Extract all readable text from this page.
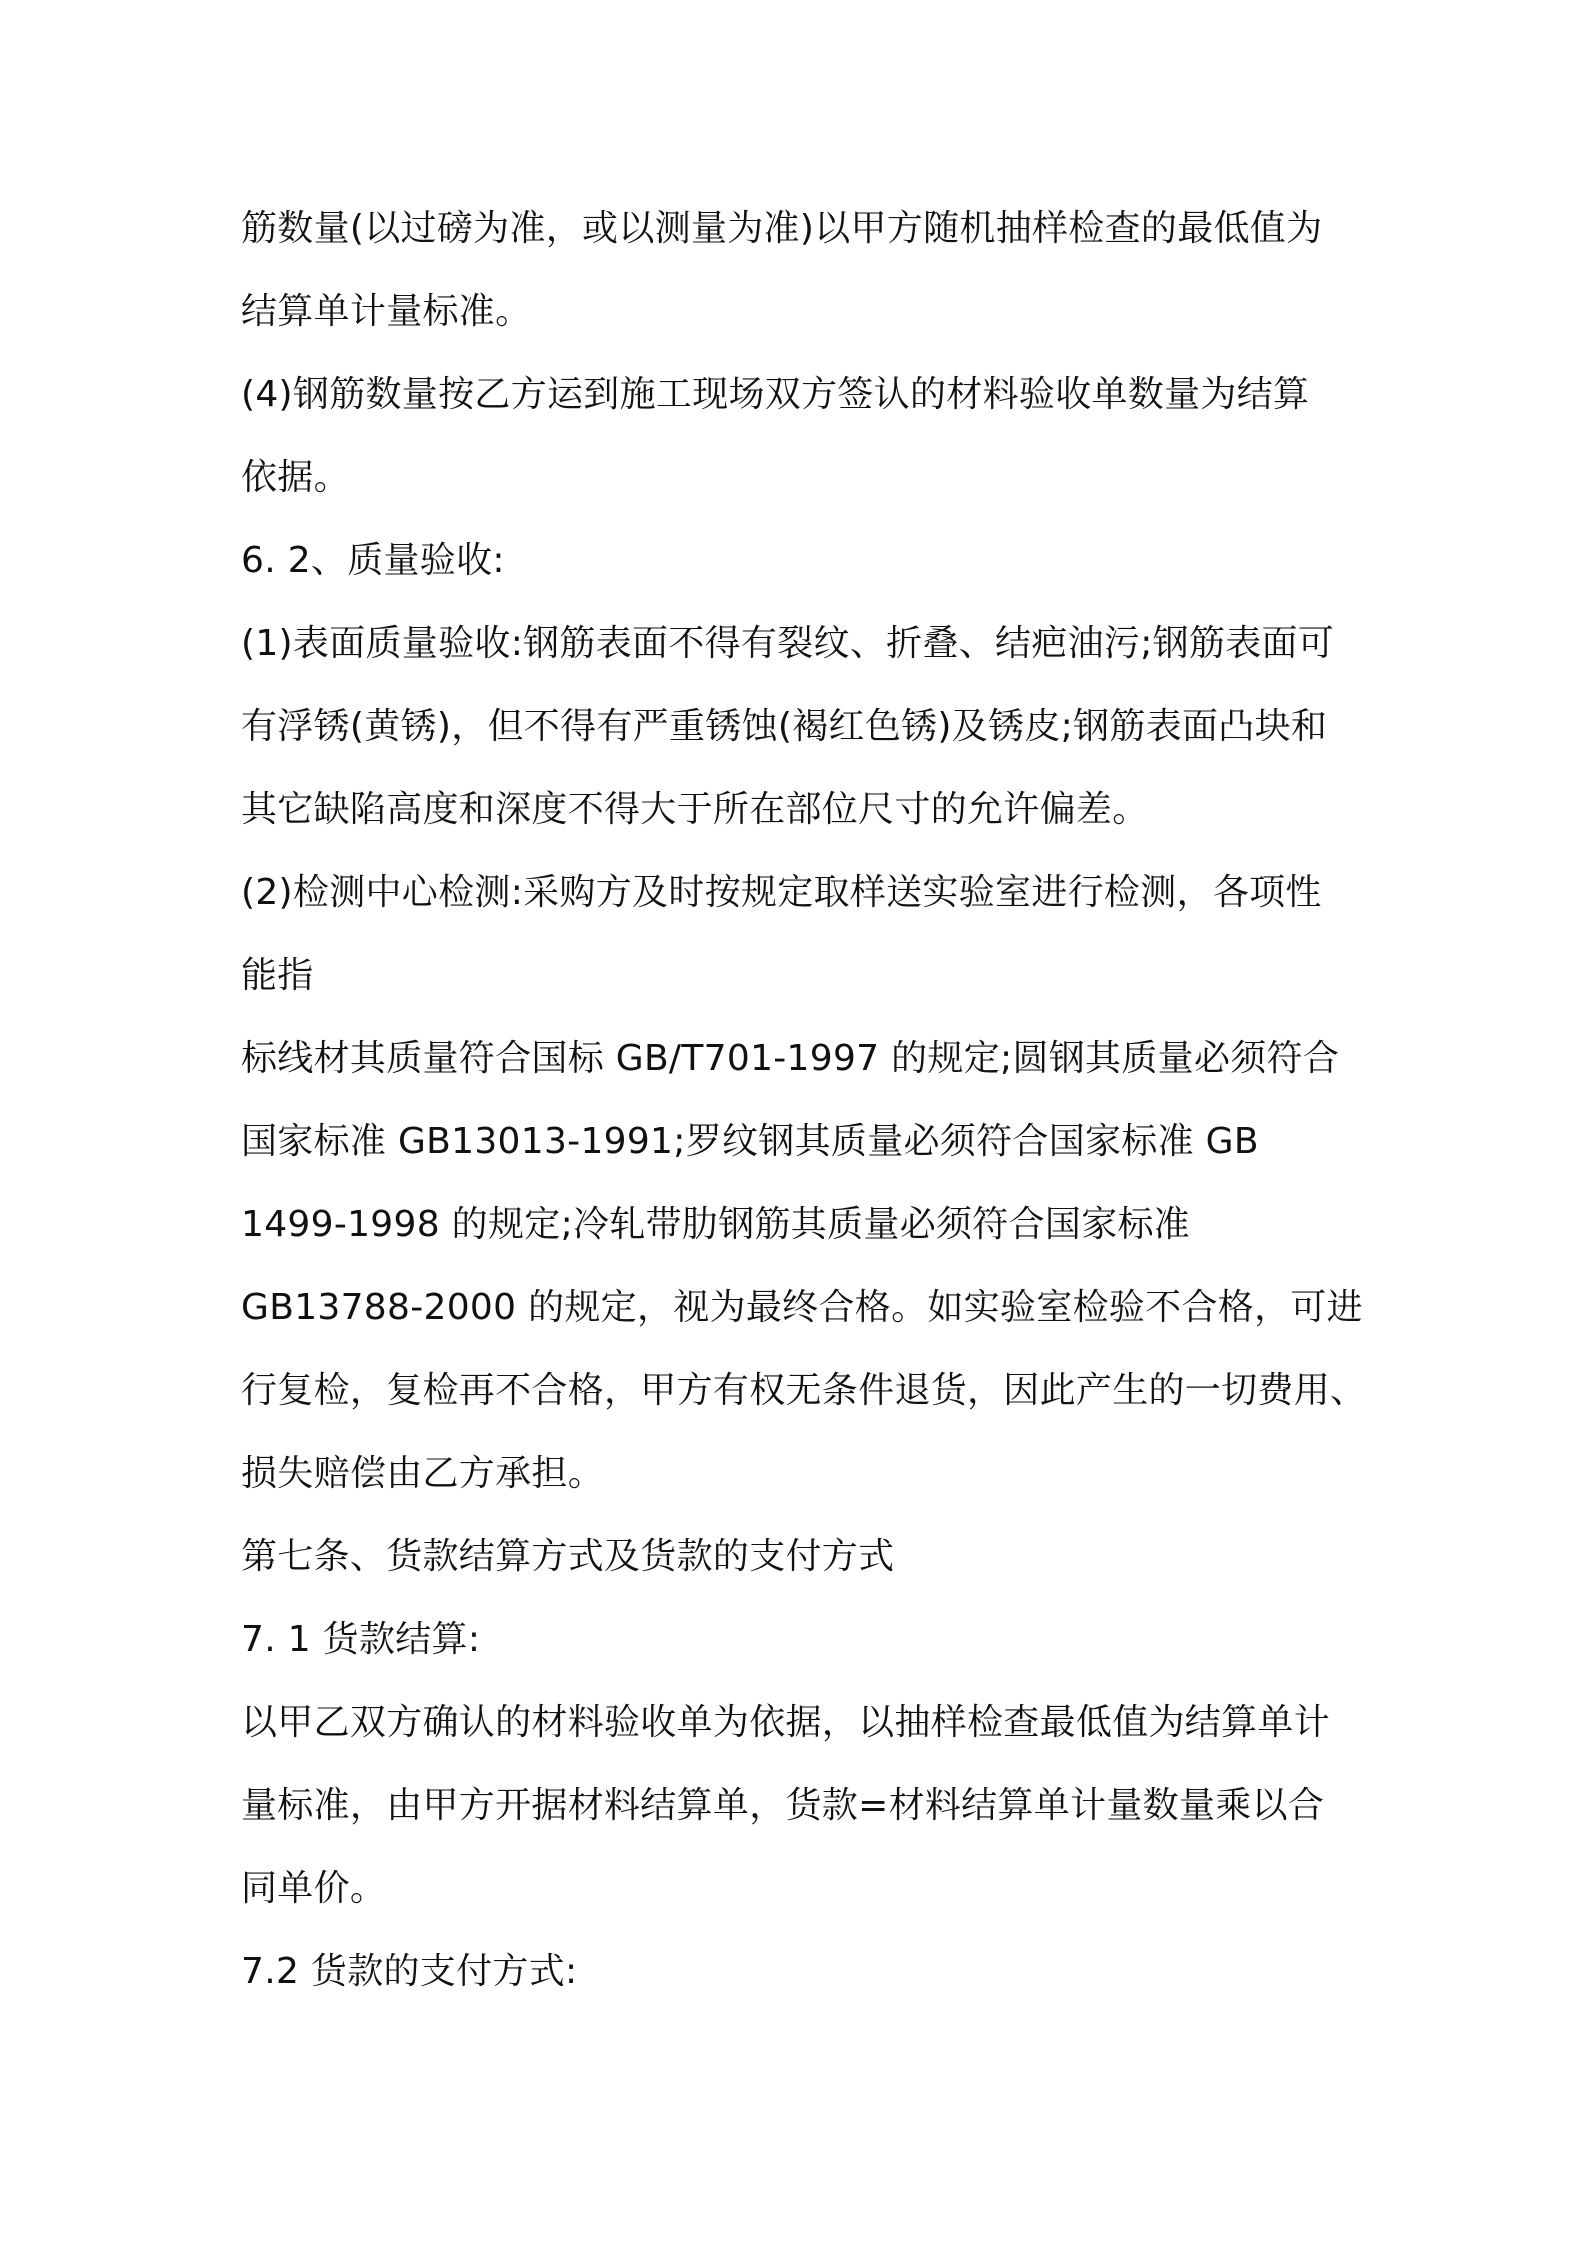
筋数量(以过磅为准，或以测量为准)以甲方随机抽样检查的最低值为

结算单计量标准。

(4)钢筋数量按乙方运到施工现场双方签认的材料验收单数量为结算

依据。

6. 2、质量验收:

(1)表面质量验收:钢筋表面不得有裂纹、折叠、结疤油污;钢筋表面可

有浮锈(黄锈)，但不得有严重锈蚀(褐红色锈)及锈皮;钢筋表面凸块和

其它缺陷高度和深度不得大于所在部位尺寸的允许偏差。

(2)检测中心检测:采购方及时按规定取样送实验室进行检测，各项性

能指

标线材其质量符合国标 GB/T701-1997 的规定;圆钢其质量必须符合

国家标准 GB13013-1991;罗纹钢其质量必须符合国家标准 GB

1499-1998 的规定;冷轧带肋钢筋其质量必须符合国家标准

GB13788-2000 的规定，视为最终合格。如实验室检验不合格，可进

行复检，复检再不合格，甲方有权无条件退货，因此产生的一切费用、

损失赔偿由乙方承担。

第七条、货款结算方式及货款的支付方式

7. 1 货款结算:

以甲乙双方确认的材料验收单为依据，以抽样检查最低值为结算单计

量标准，由甲方开据材料结算单，货款=材料结算单计量数量乘以合

同单价。

7.2 货款的支付方式:
